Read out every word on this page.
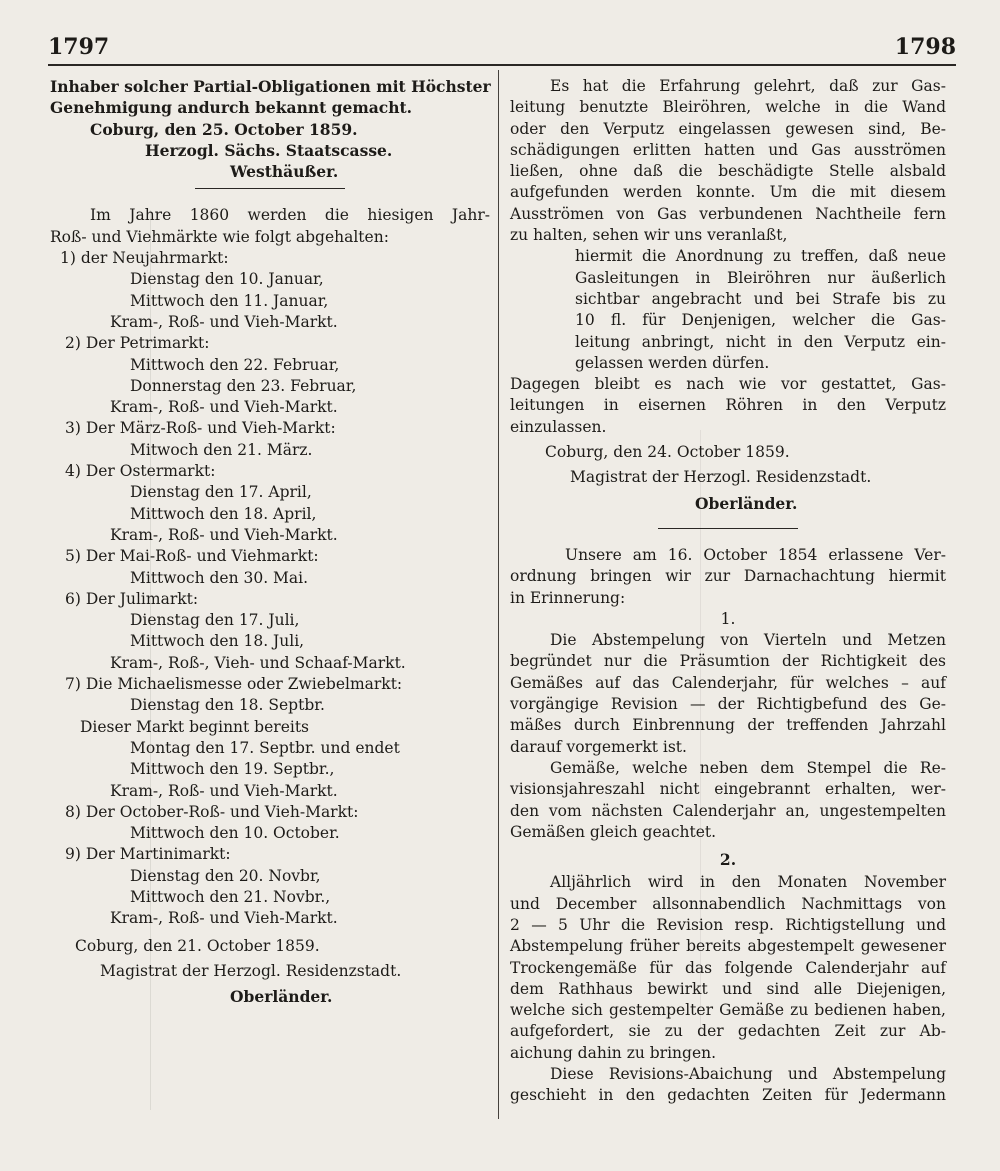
1797	1798
Inhaber solcher Partial-Obligationen mit Höchster
Genehmigung andurch bekannt gemacht.
Coburg, den 25. October 1859.
Herzogl. Sächs. Staatscasse.
Westhäußer.
Im Jahre 1860 werden die hiesigen Jahr-
Roß- und Viehmärkte wie folgt abgehalten:
1) der Neujahrmarkt:
Dienstag den 10. Januar,
Mittwoch den 11. Januar,
Kram-, Roß- und Vieh-Markt.
2) Der Petrimarkt:
Mittwoch den 22. Februar,
Donnerstag den 23. Februar,
Kram-, Roß- und Vieh-Markt.
3) Der März-Roß- und Vieh-Markt:
Mitwoch den 21. März.
4) Der Ostermarkt:
Dienstag den 17. April,
Mittwoch den 18. April,
Kram-, Roß- und Vieh-Markt.
5) Der Mai-Roß- und Viehmarkt:
Mittwoch den 30. Mai.
6) Der Julimarkt:
Dienstag den 17. Juli,
Mittwoch den 18. Juli,
Kram-, Roß-, Vieh- und Schaaf-Markt.
7) Die Michaelismesse oder Zwiebelmarkt:
Dienstag den 18. Septbr.
Dieser Markt beginnt bereits
Montag den 17. Septbr. und endet
Mittwoch den 19. Septbr.,
Kram-, Roß- und Vieh-Markt.
8) Der October-Roß- und Vieh-Markt:
Mittwoch den 10. October.
9) Der Martinimarkt:
Dienstag den 20. Novbr,
Mittwoch den 21. Novbr.,
Kram-, Roß- und Vieh-Markt.
Coburg, den 21. October 1859.
Magistrat der Herzogl. Residenzstadt.
Oberländer.
Es hat die Erfahrung gelehrt, daß zur Gas-
leitung benutzte Bleiröhren, welche in die Wand
oder den Verputz eingelassen gewesen sind, Be-
schädigungen erlitten hatten und Gas ausströmen
ließen, ohne daß die beschädigte Stelle alsbald
aufgefunden werden konnte. Um die mit diesem
Ausströmen von Gas verbundenen Nachtheile fern
zu halten, sehen wir uns veranlaßt,
hiermit die Anordnung zu treffen, daß neue
Gasleitungen in Bleiröhren nur äußerlich
sichtbar angebracht und bei Strafe bis zu
10 fl. für Denjenigen, welcher die Gas-
leitung anbringt, nicht in den Verputz ein-
gelassen werden dürfen.
Dagegen bleibt es nach wie vor gestattet, Gas-
leitungen in eisernen Röhren in den Verputz
einzulassen.
Coburg, den 24. October 1859.
Magistrat der Herzogl. Residenzstadt.
Oberländer.
Unsere am 16. October 1854 erlassene Ver-
ordnung bringen wir zur Darnachachtung hiermit
in Erinnerung:
1.
Die Abstempelung von Vierteln und Metzen
begründet nur die Präsumtion der Richtigkeit des
Gemäßes auf das Calenderjahr, für welches – auf
vorgängige Revision — der Richtigbefund des Ge-
mäßes durch Einbrennung der treffenden Jahrzahl
darauf vorgemerkt ist.
Gemäße, welche neben dem Stempel die Re-
visionsjahreszahl nicht eingebrannt erhalten, wer-
den vom nächsten Calenderjahr an, ungestempelten
Gemäßen gleich geachtet.
2.
Alljährlich wird in den Monaten November
und December allsonnabendlich Nachmittags von
2 — 5 Uhr die Revision resp. Richtigstellung und
Abstempelung früher bereits abgestempelt gewesener
Trockengemäße für das folgende Calenderjahr auf
dem Rathhaus bewirkt und sind alle Diejenigen,
welche sich gestempelter Gemäße zu bedienen haben,
aufgefordert, sie zu der gedachten Zeit zur Ab-
aichung dahin zu bringen.
Diese Revisions-Abaichung und Abstempelung
geschieht in den gedachten Zeiten für Jedermann
